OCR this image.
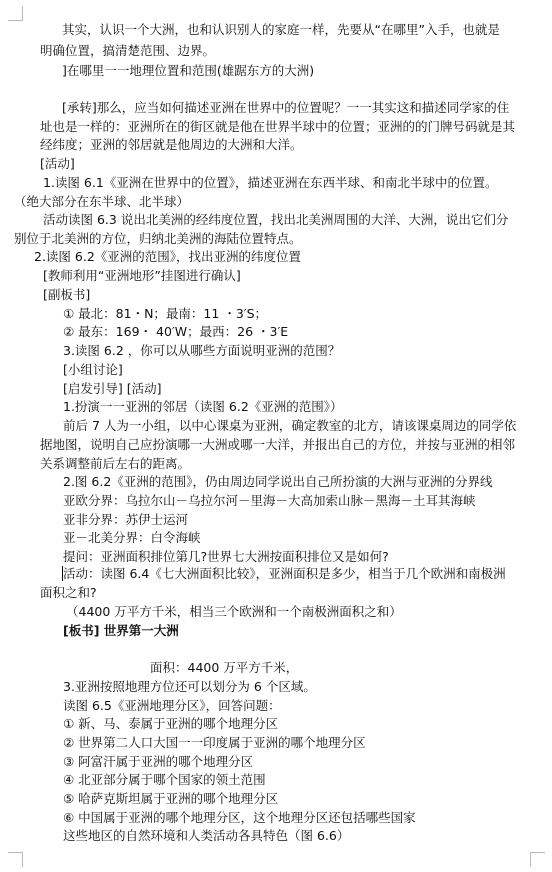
其实，认识一个大洲，也和认识别人的家庭一样，先要从“在哪里”入手，也就是
明确位置，搞清楚范围、边界。
]在哪里一一地理位置和范围(雄踞东方的大洲)
[承转]那么，应当如何描述亚洲在世界中的位置呢？一一其实这和描述同学家的住
址也是一样的：亚洲所在的街区就是他在世界半球中的位置；亚洲的的门牌号码就是其
经纬度；亚洲的邻居就是他周边的大洲和大洋。
[活动]
1.读图 6.1《亚洲在世界中的位置》，描述亚洲在东西半球、和南北半球中的位置。
（绝大部分在东半球、北半球）
活动读图 6.3 说出北美洲的经纬度位置，找出北美洲周围的大洋、大洲，说出它们分
别位于北美洲的方位，归纳北美洲的海陆位置特点。
2.读图 6.2《亚洲的范围》，找出亚洲的纬度位置
[教师利用“亚洲地形”挂图进行确认]
[副板书]
① 最北：81・N；最南：11 ・3′S；
② 最东：169・ 40′W；最西：26 ・3′E
3.读图 6.2 ，你可以从哪些方面说明亚洲的范围？
[小组讨论]
[启发引导] [活动]
1.扮演一一亚洲的邻居（读图 6.2《亚洲的范围》）
前后 7 人为一小组，以中心课桌为亚洲，确定教室的北方，请该课桌周边的同学依
据地图，说明自己应扮演哪一大洲或哪一大洋，并报出自己的方位，并按与亚洲的相邻
关系调整前后左右的距离。
2.图 6.2《亚洲的范围》，仍由周边同学说出自己所扮演的大洲与亚洲的分界线
亚欧分界：乌拉尔山－乌拉尔河－里海－大高加索山脉－黑海－土耳其海峡
亚非分界：苏伊士运河
亚－北美分界：白令海峡
提问：亚洲面积排位第几?世界七大洲按面积排位又是如何?
活动：读图 6.4《七大洲面积比较》，亚洲面积是多少，相当于几个欧洲和南极洲
面积之和?
（4400 万平方千米，相当三个欧洲和一个南极洲面积之和）
[板书] 世界第一大洲
面积：4400 万平方千米，
3.亚洲按照地理方位还可以划分为 6 个区域。
读图 6.5《亚洲地理分区》，回答问题：
① 新、马、泰属于亚洲的哪个地理分区
② 世界第二人口大国一一印度属于亚洲的哪个地理分区
③ 阿富汗属于亚洲的哪个地理分区
④ 北亚部分属于哪个国家的领土范围
⑤ 哈萨克斯坦属于亚洲的哪个地理分区
⑥ 中国属于亚洲的哪个地理分区，这个地理分区还包括哪些国家
这些地区的自然环境和人类活动各具特色（图 6.6）
